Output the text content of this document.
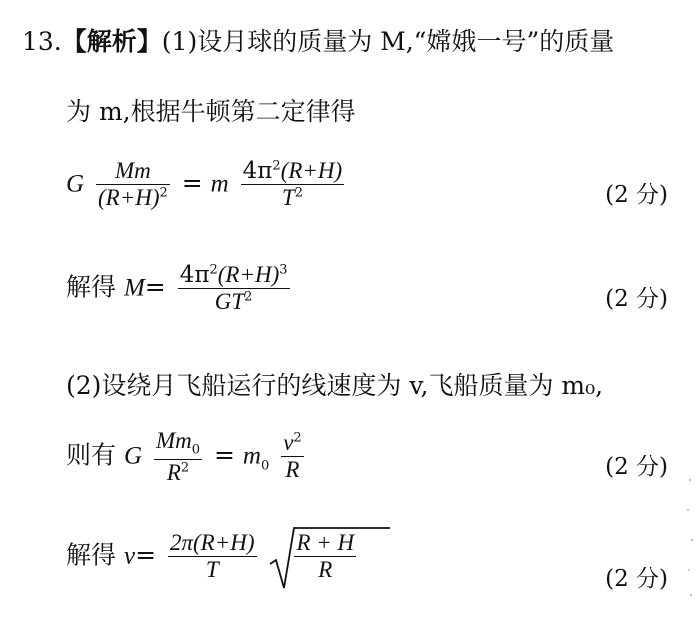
13.【解析】(1)设月球的质量为 M,“嫦娥一号”的质量
为 m,根据牛顿第二定律得
G $\frac{Mm}{(R+H)^2} = m \frac{4\pi^2(R+H)}{T^2}$	(2 分)
解得 $M= \frac{4\pi^2(R+H)^3}{GT^2}$	(2 分)
(2)设绕月飞船运行的线速度为 v,飞船质量为 m₀,
则有 G $\frac{Mm_0}{R^2} = m_0 \frac{v^2}{R}$	(2 分)
解得 $v= \frac{2\pi(R+H)}{T}$
$\frac{R + H}{R}$	(2 分)
